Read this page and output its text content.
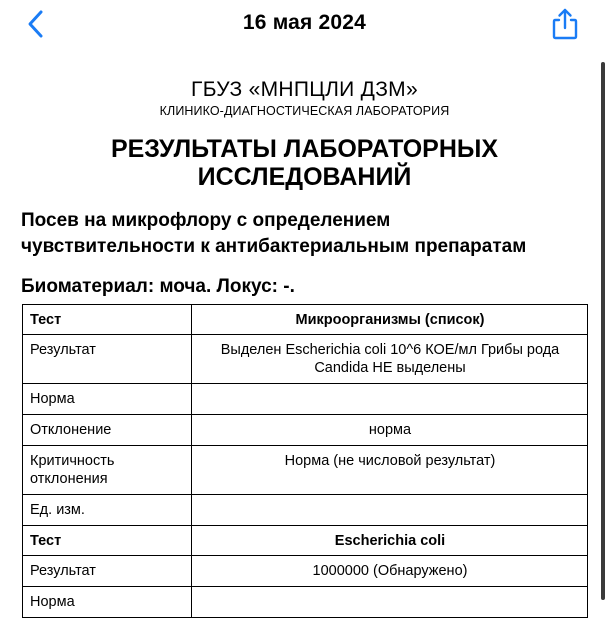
16 мая 2024
ГБУЗ «МНПЦЛИ ДЗМ»
КЛИНИКО-ДИАГНОСТИЧЕСКАЯ ЛАБОРАТОРИЯ
РЕЗУЛЬТАТЫ ЛАБОРАТОРНЫХ
ИССЛЕДОВАНИЙ
Посев на микрофлору с определением
чувствительности к антибактериальным препаратам
Биоматериал: моча. Локус: -.
Тест	Микроорганизмы (список)
Результат	Выделен Escherichia coli 10^6 КОЕ/мл Грибы рода Candida НЕ выделены
Норма	
Отклонение	норма
Критичность отклонения	Норма (не числовой результат)
Ед. изм.	
Тест	Escherichia coli
Результат	1000000 (Обнаружено)
Норма	
